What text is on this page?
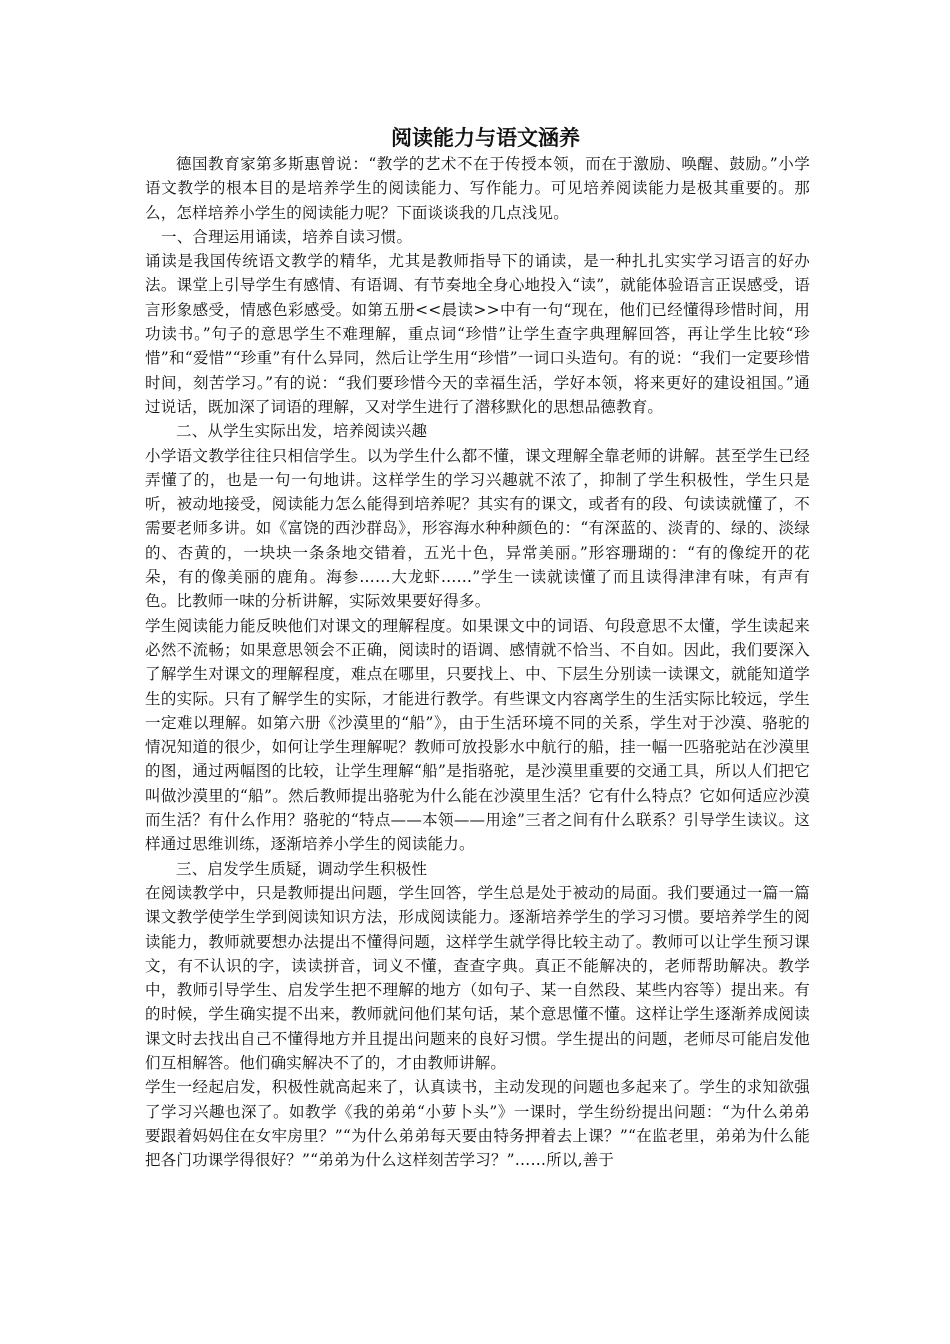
阅读能力与语文涵养

德国教育家第多斯惠曾说：“教学的艺术不在于传授本领，而在于激励、唤醒、鼓励。”小学语文教学的根本目的是培养学生的阅读能力、写作能力。可见培养阅读能力是极其重要的。那么，怎样培养小学生的阅读能力呢？下面谈谈我的几点浅见。

一、合理运用诵读，培养自读习惯。

诵读是我国传统语文教学的精华，尤其是教师指导下的诵读，是一种扎扎实实学习语言的好办法。课堂上引导学生有感情、有语调、有节奏地全身心地投入“读”，就能体验语言正误感受，语言形象感受，情感色彩感受。如第五册<<晨读>>中有一句“现在，他们已经懂得珍惜时间，用功读书。”句子的意思学生不难理解，重点词“珍惜”让学生查字典理解回答，再让学生比较“珍惜”和“爱惜”“珍重”有什么异同，然后让学生用“珍惜”一词口头造句。有的说：“我们一定要珍惜时间，刻苦学习。”有的说：“我们要珍惜今天的幸福生活，学好本领，将来更好的建设祖国。”通过说话，既加深了词语的理解，又对学生进行了潜移默化的思想品德教育。

二、从学生实际出发，培养阅读兴趣

小学语文教学往往只相信学生。以为学生什么都不懂，课文理解全靠老师的讲解。甚至学生已经弄懂了的，也是一句一句地讲。这样学生的学习兴趣就不浓了，抑制了学生积极性，学生只是听，被动地接受，阅读能力怎么能得到培养呢？其实有的课文，或者有的段、句读读就懂了，不需要老师多讲。如《富饶的西沙群岛》，形容海水种种颜色的：“有深蓝的、淡青的、绿的、淡绿的、杏黄的，一块块一条条地交错着，五光十色，异常美丽。”形容珊瑚的：“有的像绽开的花朵，有的像美丽的鹿角。海参……大龙虾……”学生一读就读懂了而且读得津津有味，有声有色。比教师一味的分析讲解，实际效果要好得多。

学生阅读能力能反映他们对课文的理解程度。如果课文中的词语、句段意思不太懂，学生读起来必然不流畅；如果意思领会不正确，阅读时的语调、感情就不恰当、不自如。因此，我们要深入了解学生对课文的理解程度，难点在哪里，只要找上、中、下层生分别读一读课文，就能知道学生的实际。只有了解学生的实际，才能进行教学。有些课文内容离学生的生活实际比较远，学生一定难以理解。如第六册《沙漠里的“船”》，由于生活环境不同的关系，学生对于沙漠、骆驼的情况知道的很少，如何让学生理解呢？教师可放投影水中航行的船，挂一幅一匹骆驼站在沙漠里的图，通过两幅图的比较，让学生理解“船”是指骆驼，是沙漠里重要的交通工具，所以人们把它叫做沙漠里的“船”。然后教师提出骆驼为什么能在沙漠里生活？它有什么特点？它如何适应沙漠而生活？有什么作用？骆驼的“特点——本领——用途”三者之间有什么联系？引导学生读议。这样通过思维训练，逐渐培养小学生的阅读能力。

三、启发学生质疑，调动学生积极性

在阅读教学中，只是教师提出问题，学生回答，学生总是处于被动的局面。我们要通过一篇一篇课文教学使学生学到阅读知识方法，形成阅读能力。逐渐培养学生的学习习惯。要培养学生的阅读能力，教师就要想办法提出不懂得问题，这样学生就学得比较主动了。教师可以让学生预习课文，有不认识的字，读读拼音，词义不懂，查查字典。真正不能解决的，老师帮助解决。教学中，教师引导学生、启发学生把不理解的地方（如句子、某一自然段、某些内容等）提出来。有的时候，学生确实提不出来，教师就问他们某句话，某个意思懂不懂。这样让学生逐渐养成阅读课文时去找出自己不懂得地方并且提出问题来的良好习惯。学生提出的问题，老师尽可能启发他们互相解答。他们确实解决不了的，才由教师讲解。

学生一经起启发，积极性就高起来了，认真读书，主动发现的问题也多起来了。学生的求知欲强了学习兴趣也深了。如教学《我的弟弟“小萝卜头”》一课时，学生纷纷提出问题：“为什么弟弟要跟着妈妈住在女牢房里？”“为什么弟弟每天要由特务押着去上课？”“在监老里，弟弟为什么能把各门功课学得很好？”“弟弟为什么这样刻苦学习？”……所以,善于
